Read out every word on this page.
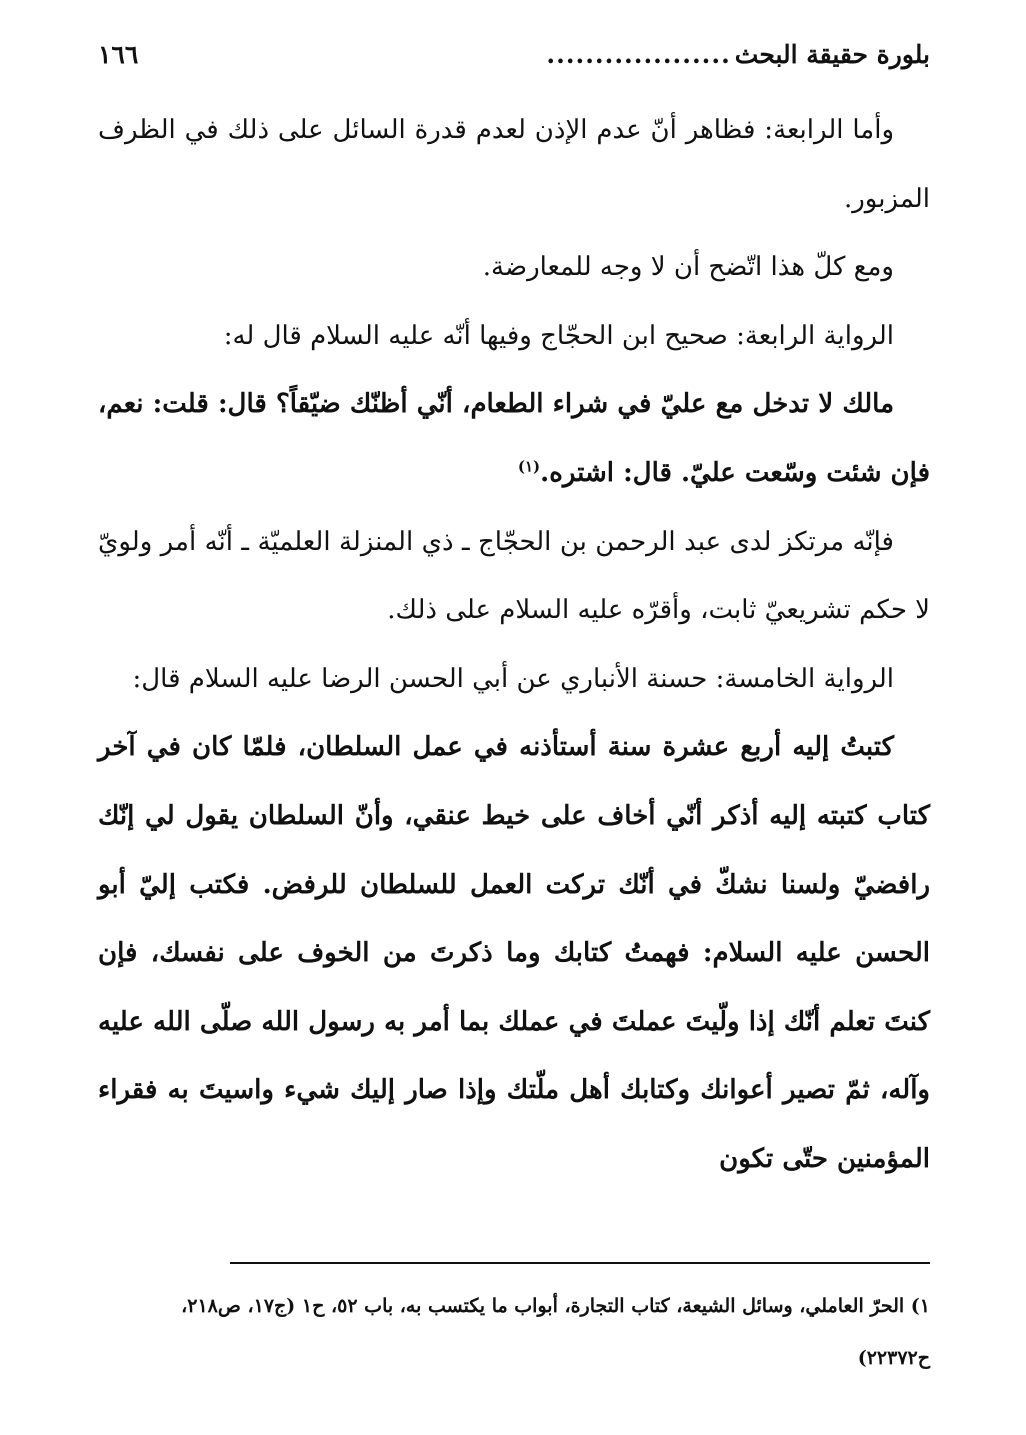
بلورة حقيقة البحث
...................
١٦٦

وأما الرابعة: فظاهر أنّ عدم الإذن لعدم قدرة السائل على ذلك في الظرف المزبور.

ومع كلّ هذا اتّضح أن لا وجه للمعارضة.

الرواية الرابعة: صحيح ابن الحجّاج وفيها أنّه عليه السلام قال له:

مالك لا تدخل مع عليّ في شراء الطعام، أنّي أظنّك ضيّقاً؟ قال: قلت: نعم، فإن شئت وسّعت عليّ. قال: اشتره.$^{(١)}$

فإنّه مرتكز لدى عبد الرحمن بن الحجّاج ـ ذي المنزلة العلميّة ـ أنّه أمر ولويّ لا حكم تشريعيّ ثابت، وأقرّه عليه السلام على ذلك.

الرواية الخامسة: حسنة الأنباري عن أبي الحسن الرضا عليه السلام قال:

كتبتُ إليه أربع عشرة سنة أستأذنه في عمل السلطان، فلمّا كان في آخر كتاب كتبته إليه أذكر أنّي أخاف على خيط عنقي، وأنّ السلطان يقول لي إنّك رافضيّ ولسنا نشكّ في أنّك تركت العمل للسلطان للرفض. فكتب إليّ أبو الحسن عليه السلام: فهمتُ كتابك وما ذكرتَ من الخوف على نفسك، فإن كنتَ تعلم أنّك إذا ولّيتَ عملتَ في عملك بما أمر به رسول الله صلّى الله عليه وآله، ثمّ تصير أعوانك وكتابك أهل ملّتك وإذا صار إليك شيء واسيتَ به فقراء المؤمنين حتّى تكون

١) الحرّ العاملي، وسائل الشيعة، كتاب التجارة، أبواب ما يكتسب به، باب ٥٢، ح١ (ج١٧، ص٢١٨،

ح٢٢٣٧٢)
